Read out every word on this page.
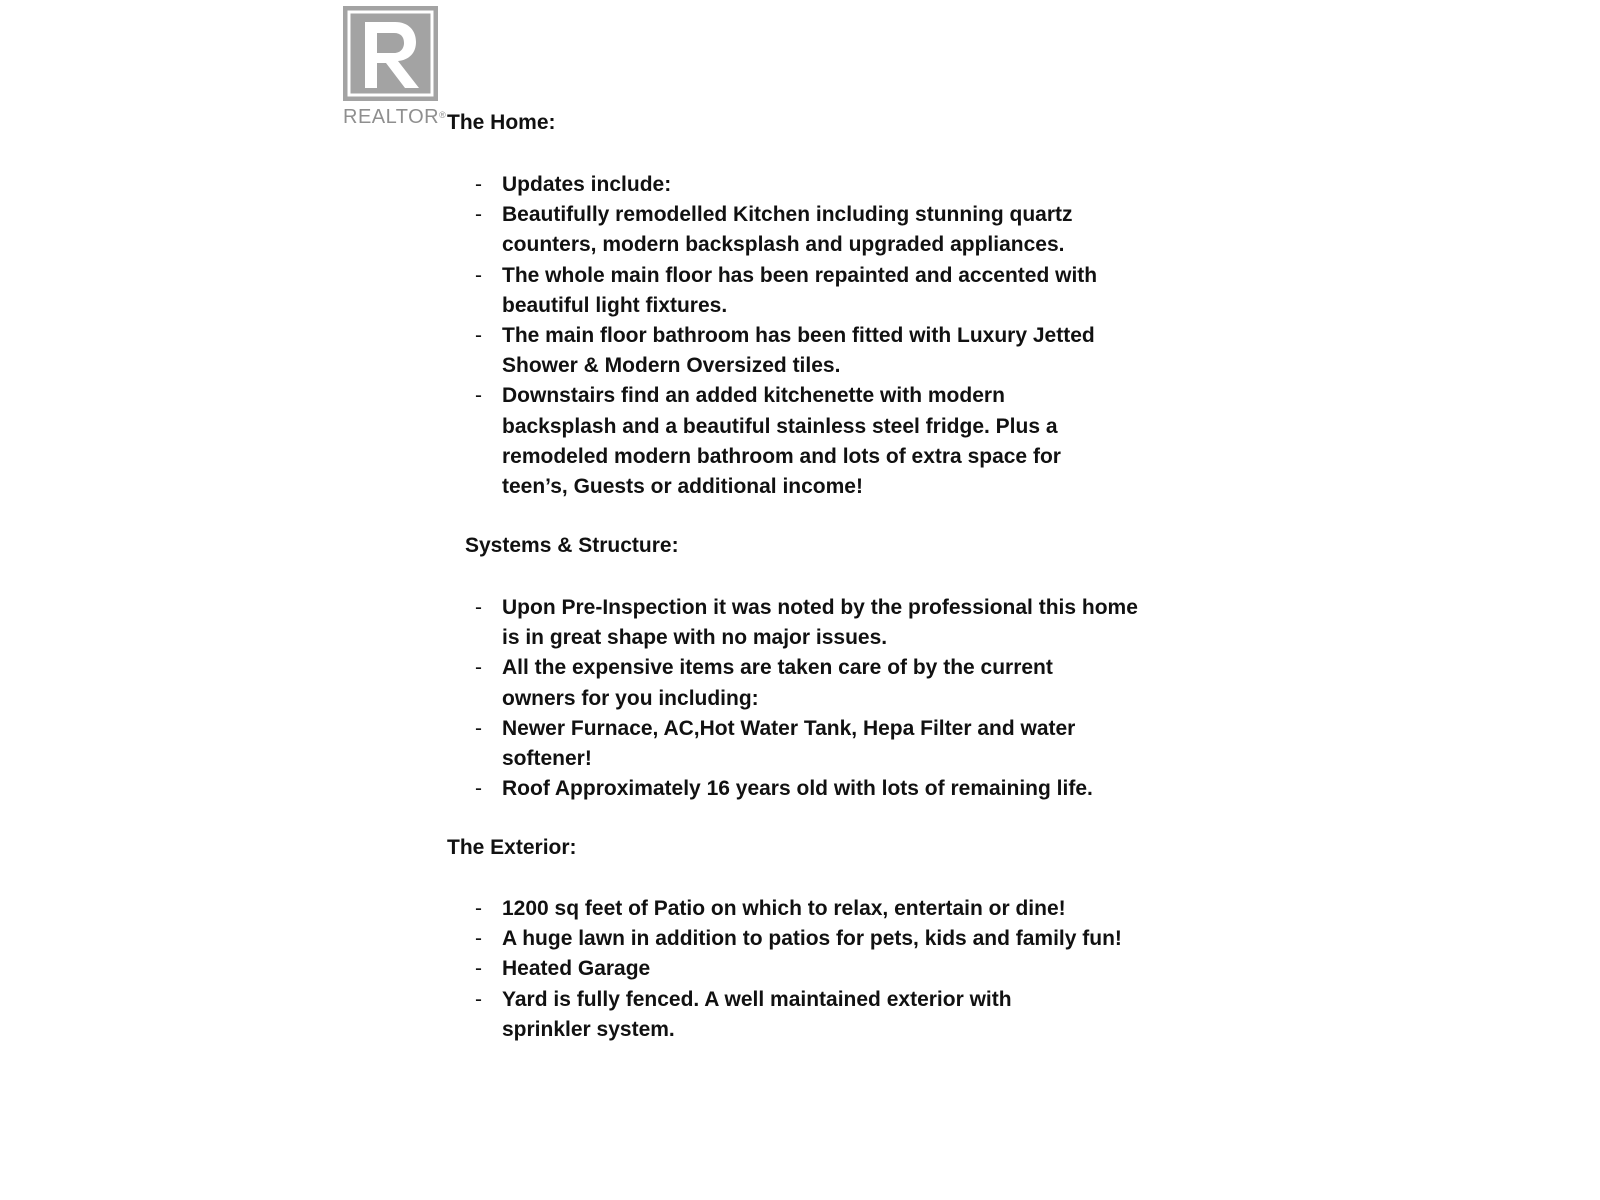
REALTOR® The Home:
- Updates include:
- Beautifully remodelled Kitchen including stunning quartz counters, modern backsplash and upgraded appliances.
- The whole main floor has been repainted and accented with beautiful light fixtures.
- The main floor bathroom has been fitted with Luxury Jetted Shower & Modern Oversized tiles.
- Downstairs find an added kitchenette with modern backsplash and a beautiful stainless steel fridge. Plus a remodeled modern bathroom and lots of extra space for teen’s, Guests or additional income!
Systems & Structure:
- Upon Pre-Inspection it was noted by the professional this home is in great shape with no major issues.
- All the expensive items are taken care of by the current owners for you including:
- Newer Furnace, AC,Hot Water Tank, Hepa Filter and water softener!
- Roof Approximately 16 years old with lots of remaining life.
The Exterior:
- 1200 sq feet of Patio on which to relax, entertain or dine!
- A huge lawn in addition to patios for pets, kids and family fun!
- Heated Garage
- Yard is fully fenced. A well maintained exterior with sprinkler system.
